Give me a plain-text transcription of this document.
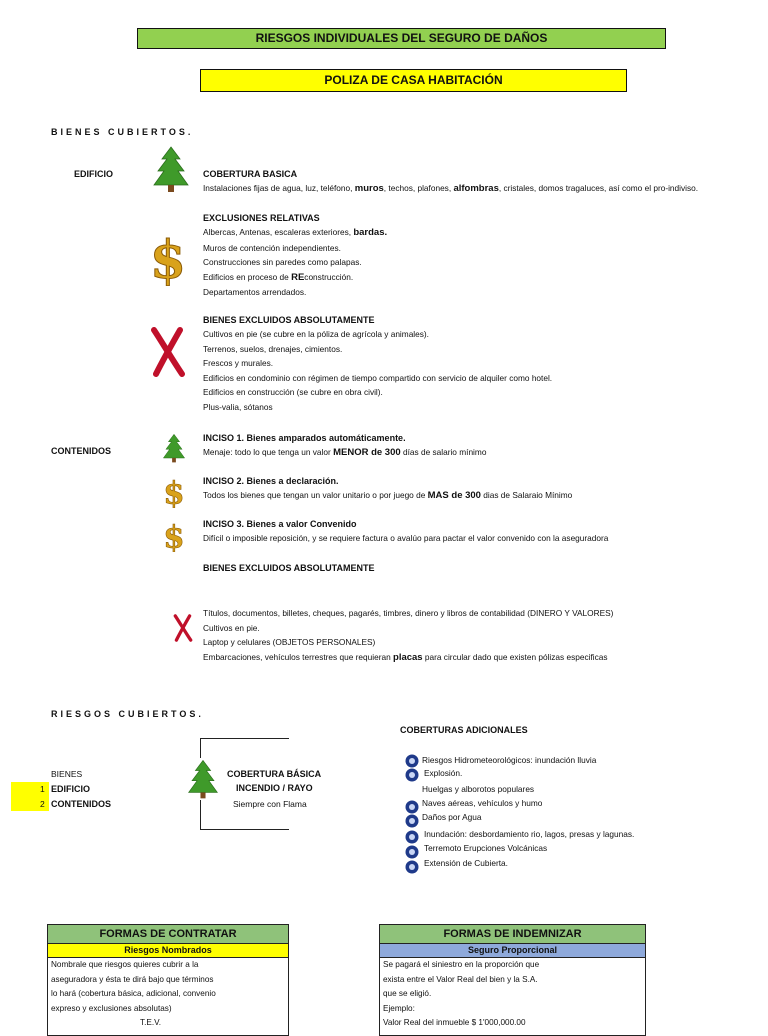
RIESGOS INDIVIDUALES DEL SEGURO DE DAÑOS
POLIZA DE CASA HABITACIÓN
BIENES CUBIERTOS.
EDIFICIO
CONTENIDOS
$
$
$
COBERTURA BASICA
Instalaciones fijas de agua, luz, teléfono, muros, techos, plafones, alfombras, cristales, domos tragaluces, así como el pro-indiviso.
EXCLUSIONES RELATIVAS
Albercas, Antenas, escaleras exteriores, bardas.
Muros de contención independientes.
Construcciones sin paredes como palapas.
Edificios en proceso de REconstrucción.
Departamentos arrendados.
BIENES EXCLUIDOS ABSOLUTAMENTE
Cultivos en pie (se cubre en la póliza de agrícola y animales).
Terrenos, suelos, drenajes, cimientos.
Frescos y murales.
Edificios en condominio con régimen de tiempo compartido con servicio de alquiler como hotel.
Edificios en construcción (se cubre en obra civil).
Plus-valia, sótanos
INCISO 1. Bienes amparados automáticamente.
Menaje: todo lo que tenga un valor MENOR de 300 días de salario mínimo
INCISO 2. Bienes a declaración.
Todos los bienes que tengan un valor unitario o por juego de MAS de 300 dias de Salaraio Mínimo
INCISO 3. Bienes a valor Convenido
Difícil o imposible reposición, y se requiere factura o avalúo para pactar el valor convenido con la aseguradora
BIENES EXCLUIDOS ABSOLUTAMENTE
Títulos, documentos, billetes, cheques, pagarés, timbres, dinero y libros de contabilidad (DINERO Y VALORES)
Cultivos en pie.
Laptop y celulares (OBJETOS PERSONALES)
Embarcaciones, vehículos terrestres que requieran placas para circular dado que existen pólizas especificas
RIESGOS CUBIERTOS.
BIENES
1 EDIFICIO
2 CONTENIDOS
COBERTURA BÁSICA
INCENDIO / RAYO
Siempre con Flama
COBERTURAS ADICIONALES
Riesgos Hidrometeorológicos: inundación lluvia
Explosión.
Huelgas y alborotos populares
Naves aéreas, vehículos y humo
Daños por Agua
Inundación: desbordamiento rio, lagos, presas y lagunas.
Terremoto Erupciones Volcánicas
Extensión de Cubierta.
FORMAS DE CONTRATAR
Riesgos Nombrados
Nombrale que riesgos quieres cubrir a la
aseguradora y ésta te dirá bajo que términos
lo hará (cobertura básica, adicional, convenio
expreso y exclusiones absolutas)
T.E.V.
FORMAS DE INDEMNIZAR
Seguro Proporcional
Se pagará el siniestro en la proporción que
exista entre el Valor Real del bien y la S.A.
que se eligió.
Ejemplo:
Valor Real del inmueble $ 1'000,000.00
